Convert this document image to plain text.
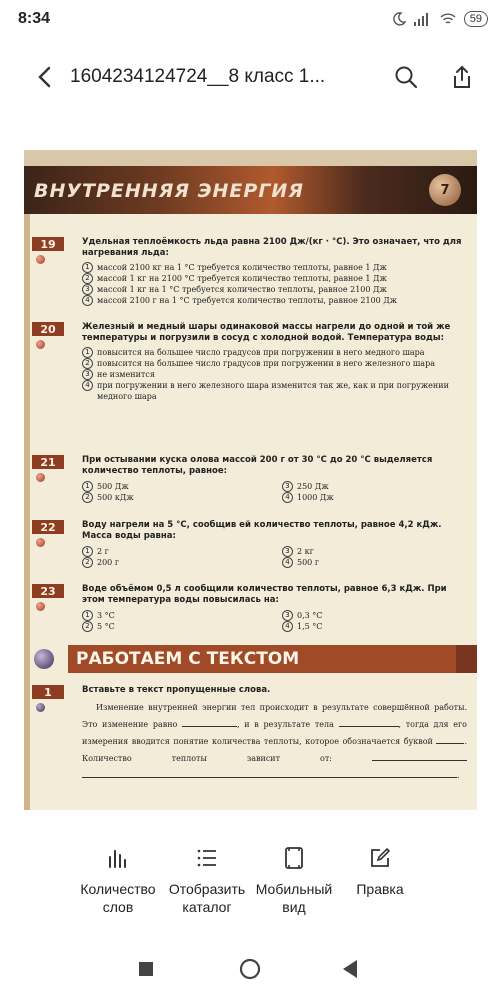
8:34	59
1604234124724__8 класс 1...
ВНУТРЕННЯЯ ЭНЕРГИЯ	7
19	Удельная теплоёмкость льда равна 2100 Дж/(кг · °С). Это означает, что для нагревания льда:
1 массой 2100 кг на 1 °С требуется количество теплоты, равное 1 Дж
2 массой 1 кг на 2100 °С требуется количество теплоты, равное 1 Дж
3 массой 1 кг на 1 °С требуется количество теплоты, равное 2100 Дж
4 массой 2100 г на 1 °С требуется количество теплоты, равное 2100 Дж
20	Железный и медный шары одинаковой массы нагрели до одной и той же температуры и погрузили в сосуд с холодной водой. Температура воды:
1 повысится на большее число градусов при погружении в него медного шара
2 повысится на большее число градусов при погружении в него железного шара
3 не изменится
4 при погружении в него железного шара изменится так же, как и при погружении медного шара
21	При остывании куска олова массой 200 г от 30 °С до 20 °С выделяется количество теплоты, равное:
1 500 Дж	3 250 Дж
2 500 кДж	4 1000 Дж
22	Воду нагрели на 5 °С, сообщив ей количество теплоты, равное 4,2 кДж. Масса воды равна:
1 2 г	3 2 кг
2 200 г	4 500 г
23	Воде объёмом 0,5 л сообщили количество теплоты, равное 6,3 кДж. При этом температура воды повысилась на:
1 3 °С	3 0,3 °С
2 5 °С	4 1,5 °С
РАБОТАЕМ С ТЕКСТОМ
1	Вставьте в текст пропущенные слова.
Изменение внутренней энергии тел происходит в результате совершённой работы. Это изменение равно	, и в результате тела	, тогда для его измерения вводится понятие количества теплоты, которое обозначается буквой	. Количество теплоты зависит от:  .
Количество слов
Отобразить каталог
Мобильный вид
Правка
